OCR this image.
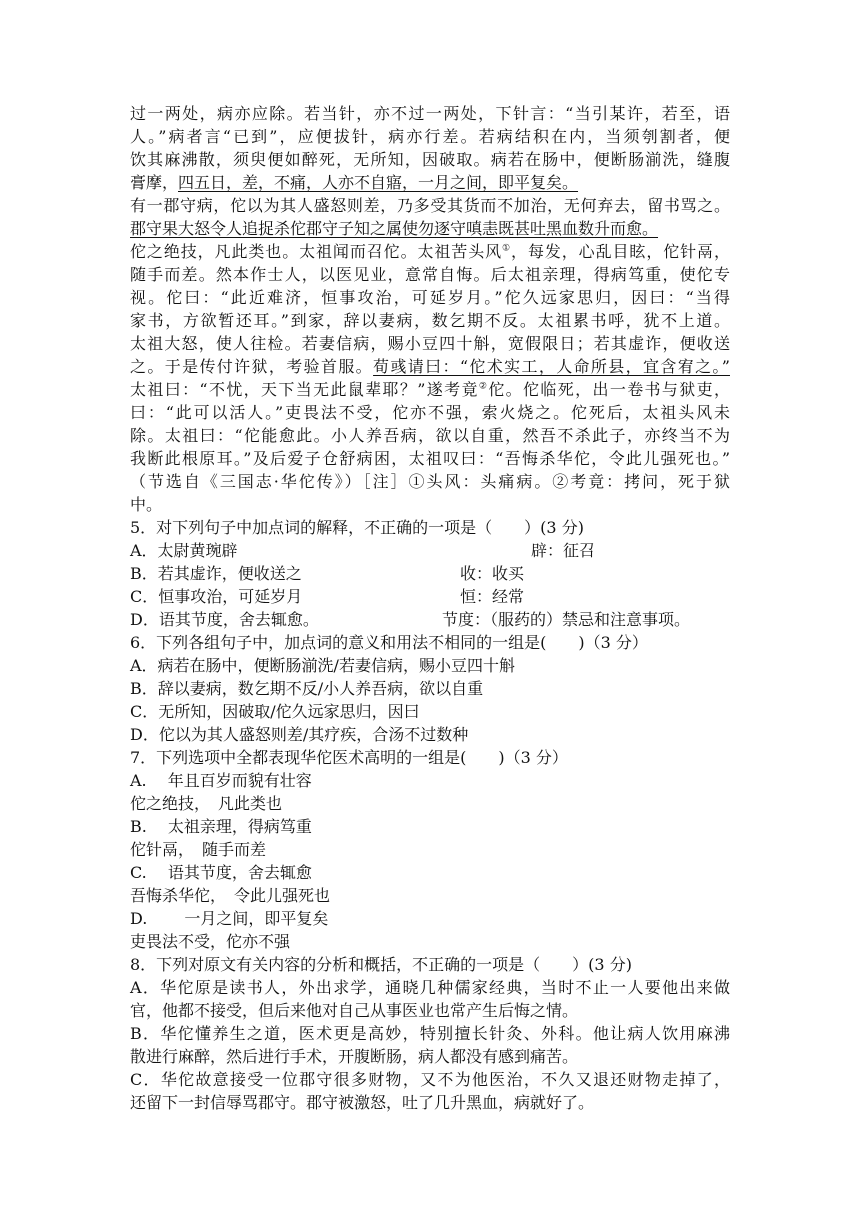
过一两处，病亦应除。若当针，亦不过一两处，下针言：“当引某许，若至，语
人。”病者言“已到”，应便拔针，病亦行差。若病结积在内，当须刳割者，便
饮其麻沸散，须臾便如醉死，无所知，因破取。病若在肠中，便断肠湔洗，缝腹
膏摩，四五日，差，不痛，人亦不自寤，一月之间，即平复矣。
有一郡守病，佗以为其人盛怒则差，乃多受其货而不加治，无何弃去，留书骂之。
郡守果大怒令人追捉杀佗郡守子知之属使勿逐守嗔恚既甚吐黑血数升而愈。
佗之绝技，凡此类也。太祖闻而召佗。太祖苦头风①，每发，心乱目眩，佗针鬲，
随手而差。然本作士人，以医见业，意常自悔。后太祖亲理，得病笃重，使佗专
视。佗曰：“此近难济，恒事攻治，可延岁月。”佗久远家思归，因曰：“当得
家书，方欲暂还耳。”到家，辞以妻病，数乞期不反。太祖累书呼，犹不上道。
太祖大怒，使人往检。若妻信病，赐小豆四十斛，宽假限日；若其虚诈，便收送
之。于是传付许狱，考验首服。荀彧请曰：“佗术实工，人命所县，宜含宥之。”
太祖曰：“不忧，天下当无此鼠辈耶？”遂考竟②佗。佗临死，出一卷书与狱吏，
曰：“此可以活人。”吏畏法不受，佗亦不强，索火烧之。佗死后，太祖头风未
除。太祖曰：“佗能愈此。小人养吾病，欲以自重，然吾不杀此子，亦终当不为
我断此根原耳。”及后爱子仓舒病困，太祖叹曰：“吾悔杀华佗，令此儿强死也。”
（节选自《三国志·华佗传》）［注］①头风：头痛病。②考竟：拷问，死于狱
中。
5．对下列句子中加点词的解释，不正确的一项是（　　）(3 分)
A．太尉黄琬辟	辟：征召
B．若其虚诈，便收送之	收：收买
C．恒事攻治，可延岁月	恒：经常
D．语其节度，舍去辄愈。	节度：（服药的）禁忌和注意事项。
6．下列各组句子中，加点词的意义和用法不相同的一组是(　　)（3 分）
A．病若在肠中，便断肠湔洗/若妻信病，赐小豆四十斛
B．辞以妻病，数乞期不反/小人养吾病，欲以自重
C．无所知，因破取/佗久远家思归，因曰
D．佗以为其人盛怒则差/其疗疾，合汤不过数种
7．下列选项中全都表现华佗医术高明的一组是(　　)（3 分）
A.　 年且百岁而貌有壮容
佗之绝技，　凡此类也
B.　 太祖亲理，得病笃重
佗针鬲，　随手而差
C.　 语其节度，舍去辄愈
吾悔杀华佗，　令此儿强死也
D.　　 一月之间，即平复矣
吏畏法不受，佗亦不强
8．下列对原文有关内容的分析和概括，不正确的一项是（　　）(3 分)
A．华佗原是读书人，外出求学，通晓几种儒家经典，当时不止一人要他出来做
官，他都不接受，但后来他对自己从事医业也常产生后悔之情。
B．华佗懂养生之道，医术更是高妙，特别擅长针灸、外科。他让病人饮用麻沸
散进行麻醉，然后进行手术，开腹断肠，病人都没有感到痛苦。
C．华佗故意接受一位郡守很多财物，又不为他医治，不久又退还财物走掉了，
还留下一封信辱骂郡守。郡守被激怒，吐了几升黑血，病就好了。
